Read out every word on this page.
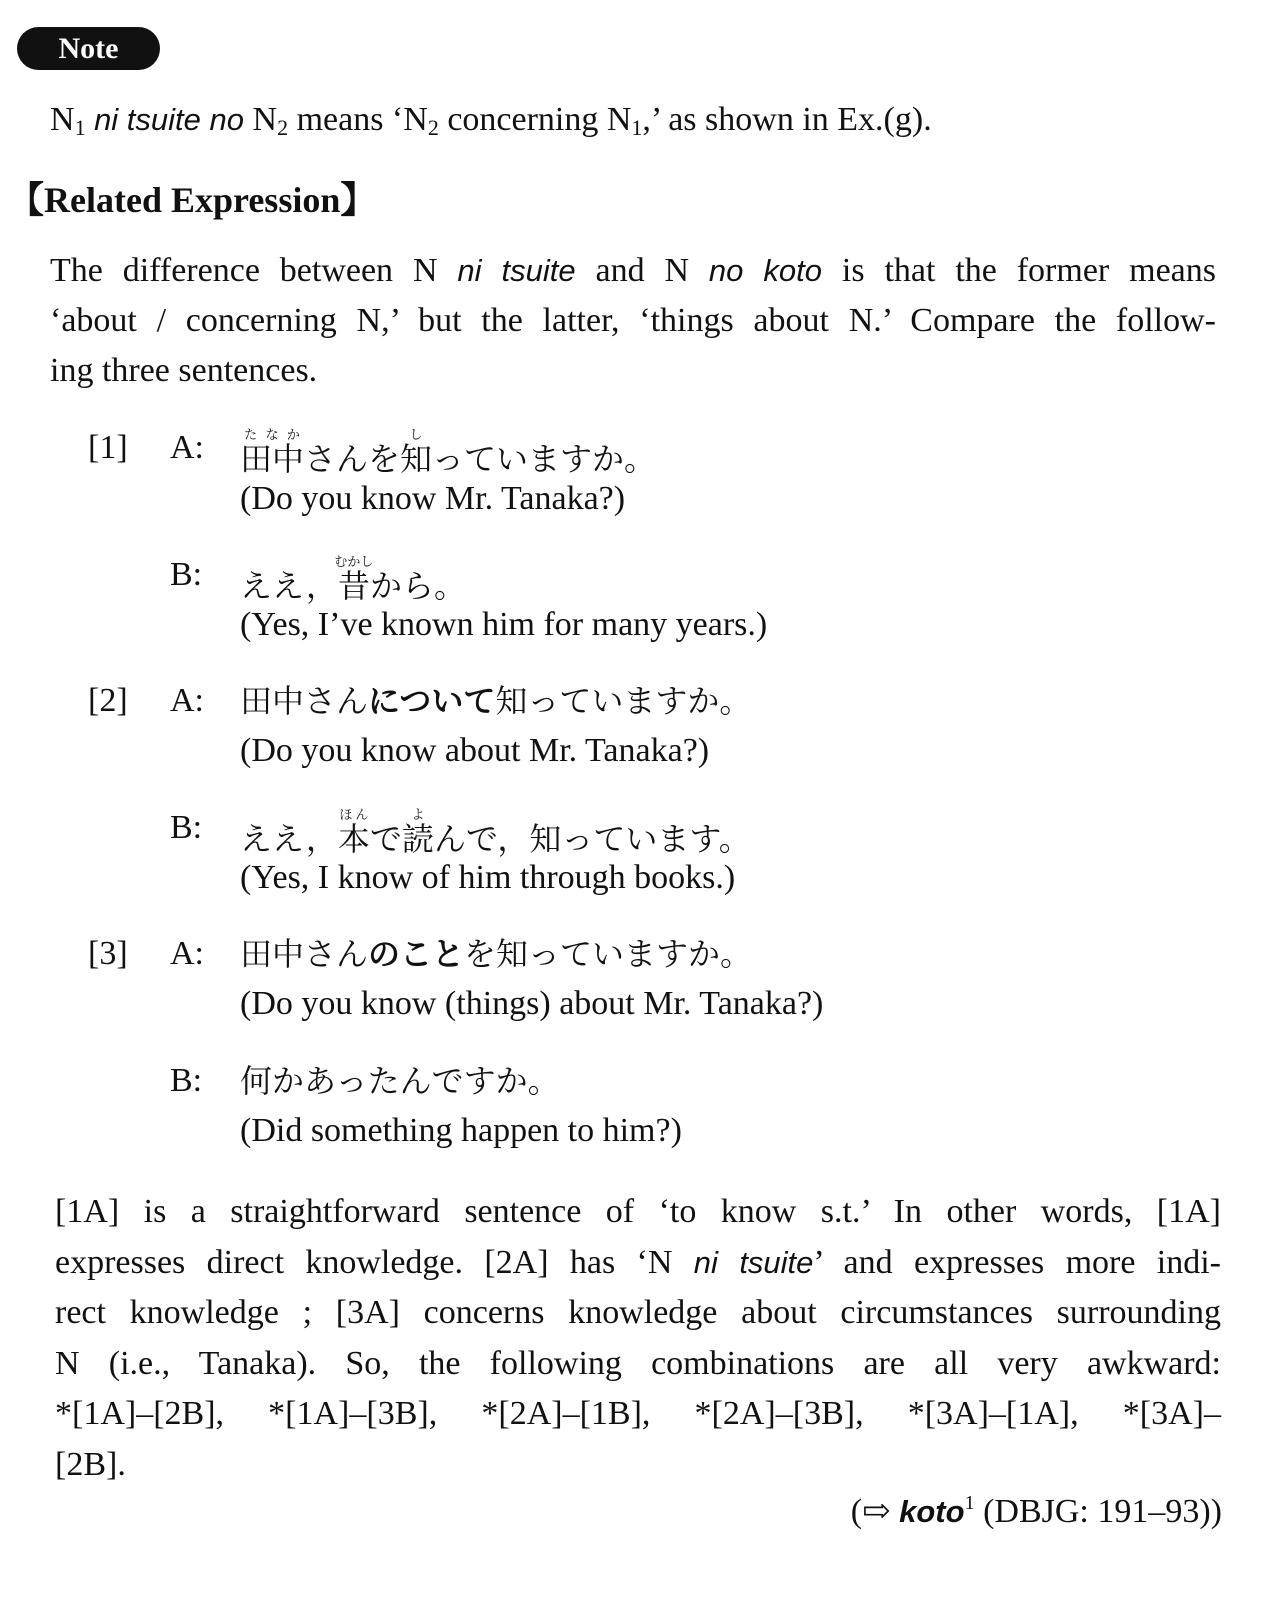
Note
$N_1$ ni tsuite no $N_2$ means ‘$N_2$ concerning $N_1$,’ as shown in Ex.(g).
【Related Expression】
The difference between N ni tsuite and N no koto is that the former means
‘about / concerning N,’ but the latter, ‘things about N.’ Compare the follow-
ing three sentences.
[1] A: 田中たなかさんを知しっていますか。
(Do you know Mr. Tanaka?)
B: ええ，昔むかしから。
(Yes, I’ve known him for many years.)
[2] A: 田中さんについて知っていますか。
(Do you know about Mr. Tanaka?)
B: ええ，本ほんで読よんで，知っています。
(Yes, I know of him through books.)
[3] A: 田中さんのことを知っていますか。
(Do you know (things) about Mr. Tanaka?)
B: 何かあったんですか。
(Did something happen to him?)
[1A] is a straightforward sentence of ‘to know s.t.’ In other words, [1A]
expresses direct knowledge. [2A] has ‘N ni tsuite’ and expresses more indi-
rect knowledge ; [3A] concerns knowledge about circumstances surrounding
N (i.e., Tanaka). So, the following combinations are all very awkward:
*[1A]–[2B], *[1A]–[3B], *[2A]–[1B], *[2A]–[3B], *[3A]–[1A], *[3A]–
[2B].
(⇨ koto$^1$ (DBJG: 191–93))
